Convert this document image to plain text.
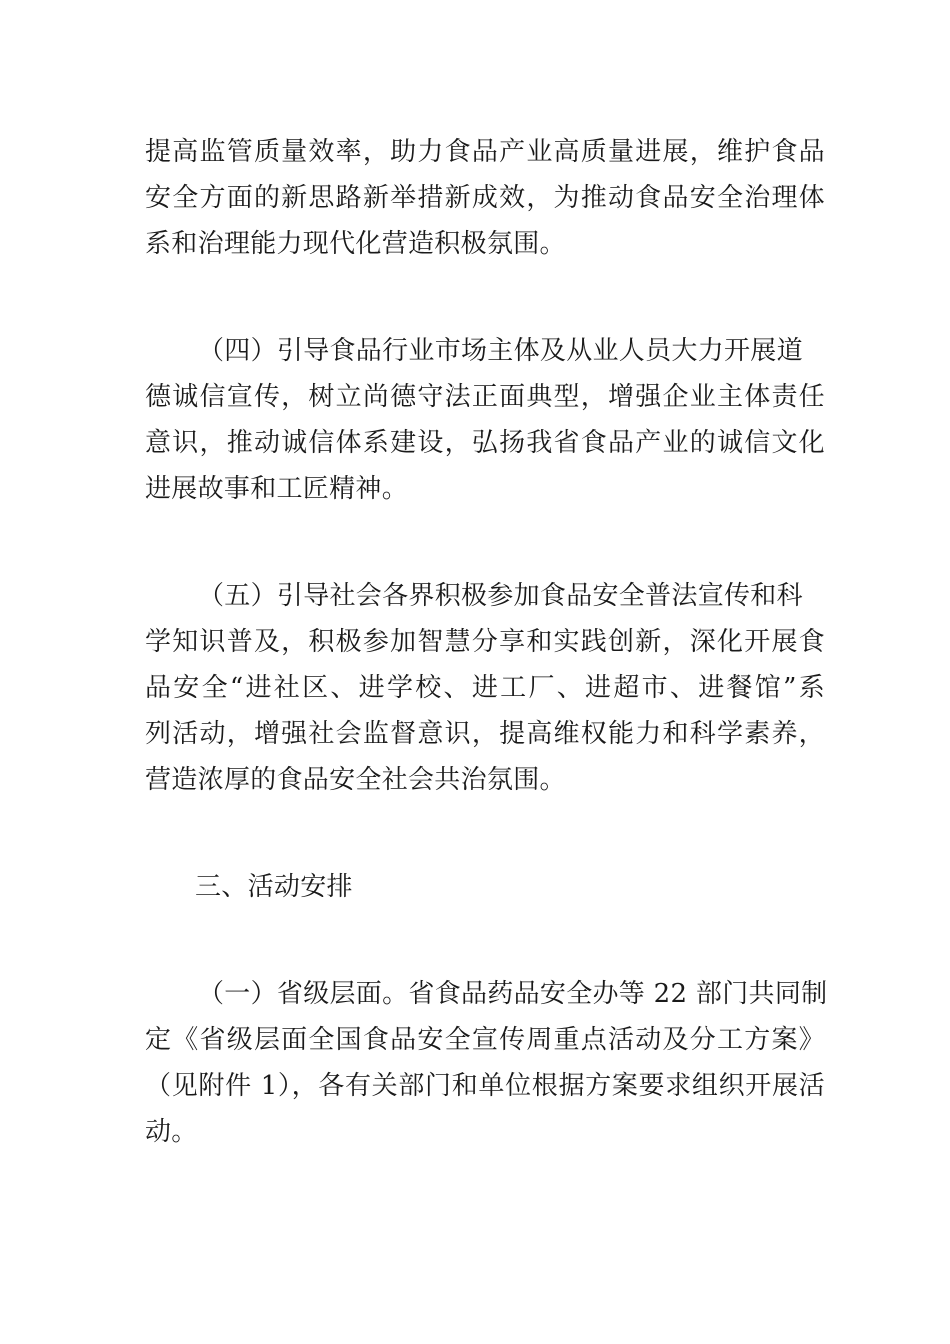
提高监管质量效率，助力食品产业高质量进展，维护食品
安全方面的新思路新举措新成效，为推动食品安全治理体
系和治理能力现代化营造积极氛围。
（四）引导食品行业市场主体及从业人员大力开展道
德诚信宣传，树立尚德守法正面典型，增强企业主体责任
意识，推动诚信体系建设，弘扬我省食品产业的诚信文化
进展故事和工匠精神。
（五）引导社会各界积极参加食品安全普法宣传和科
学知识普及，积极参加智慧分享和实践创新，深化开展食
品安全“进社区、进学校、进工厂、进超市、进餐馆”系
列活动，增强社会监督意识，提高维权能力和科学素养，
营造浓厚的食品安全社会共治氛围。
三、活动安排
（一）省级层面。省食品药品安全办等 22 部门共同制
定《省级层面全国食品安全宣传周重点活动及分工方案》
（见附件 1），各有关部门和单位根据方案要求组织开展活
动。
